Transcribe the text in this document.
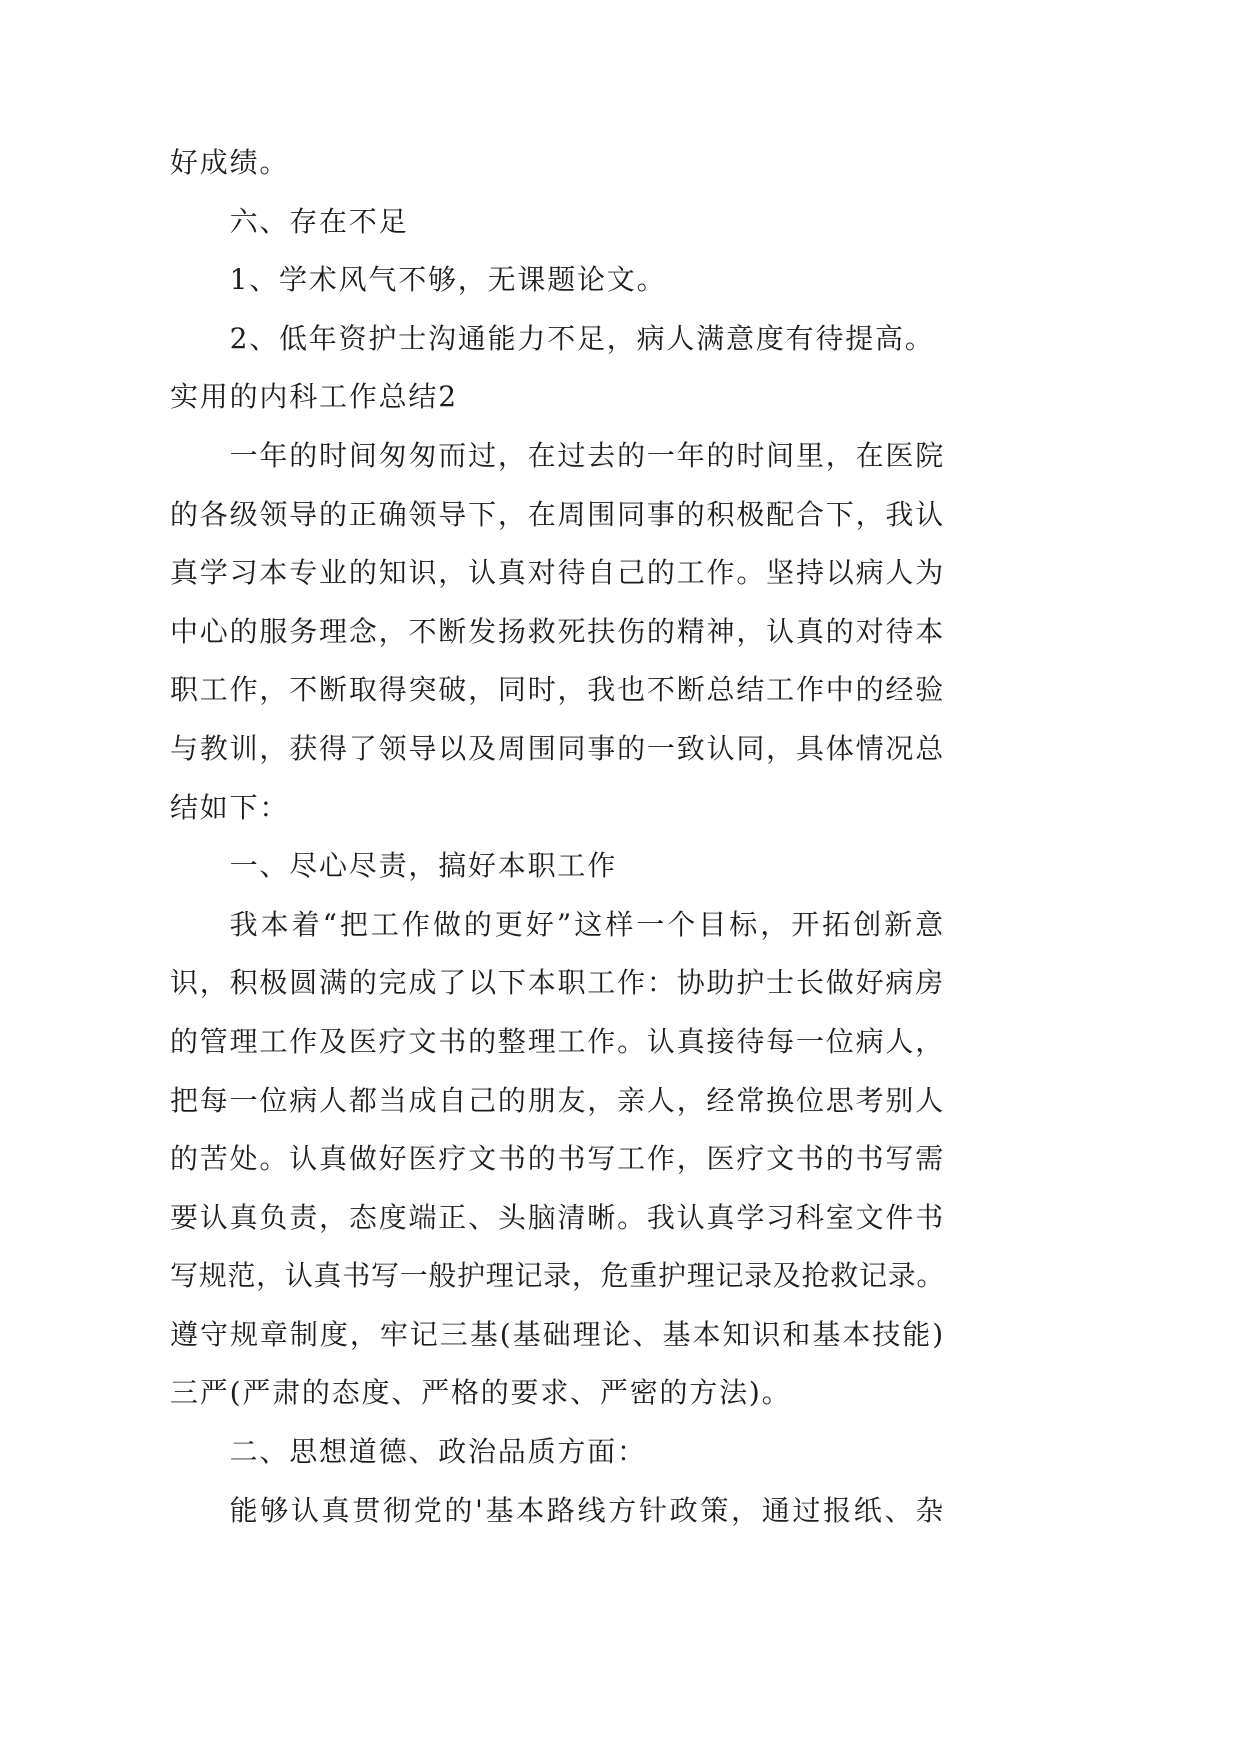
好成绩。
六、存在不足
1、学术风气不够，无课题论文。
2、低年资护士沟通能力不足，病人满意度有待提高。
实用的内科工作总结2
一年的时间匆匆而过，在过去的一年的时间里，在医院
的各级领导的正确领导下，在周围同事的积极配合下，我认
真学习本专业的知识，认真对待自己的工作。坚持以病人为
中心的服务理念，不断发扬救死扶伤的精神，认真的对待本
职工作，不断取得突破，同时，我也不断总结工作中的经验
与教训，获得了领导以及周围同事的一致认同，具体情况总
结如下：
一、尽心尽责，搞好本职工作
我本着“把工作做的更好”这样一个目标，开拓创新意
识，积极圆满的完成了以下本职工作：协助护士长做好病房
的管理工作及医疗文书的整理工作。认真接待每一位病人，
把每一位病人都当成自己的朋友，亲人，经常换位思考别人
的苦处。认真做好医疗文书的书写工作，医疗文书的书写需
要认真负责，态度端正、头脑清晰。我认真学习科室文件书
写规范，认真书写一般护理记录，危重护理记录及抢救记录。
遵守规章制度，牢记三基(基础理论、基本知识和基本技能)
三严(严肃的态度、严格的要求、严密的方法)。
二、思想道德、政治品质方面：
能够认真贯彻党的'基本路线方针政策，通过报纸、杂
